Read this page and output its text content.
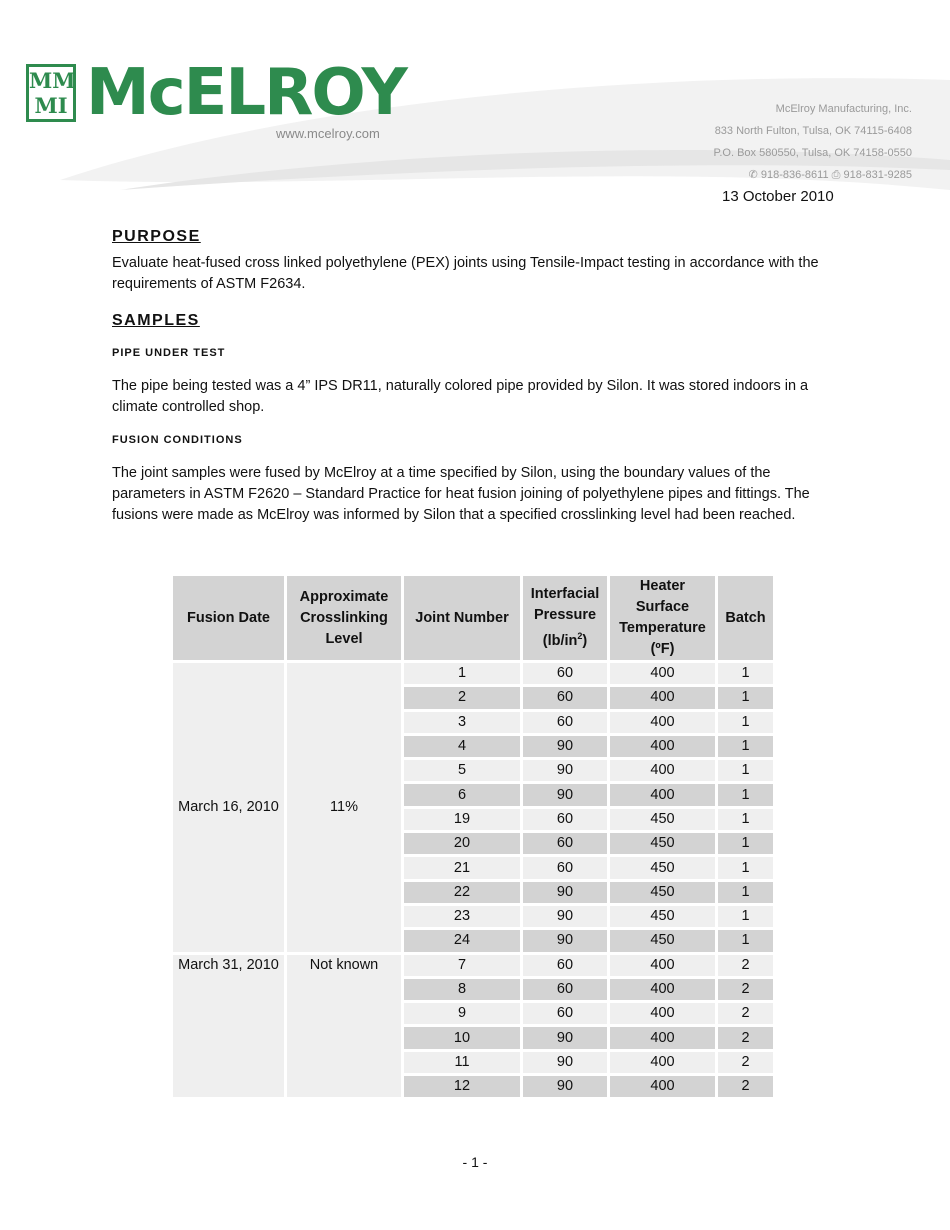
MM
MI McELROY
www.mcelroy.com
McElroy Manufacturing, Inc.
833 North Fulton, Tulsa, OK 74115-6408
P.O. Box 580550, Tulsa, OK 74158-0550
✆ 918-836-8611 ⎙ 918-831-9285
13 October 2010

PURPOSE

Evaluate heat-fused cross linked polyethylene (PEX) joints using Tensile-Impact testing in accordance with the requirements of ASTM F2634.

SAMPLES

PIPE UNDER TEST

The pipe being tested was a 4” IPS DR11, naturally colored pipe provided by Silon. It was stored indoors in a climate controlled shop.

FUSION CONDITIONS

The joint samples were fused by McElroy at a time specified by Silon, using the boundary values of the parameters in ASTM F2620 – Standard Practice for heat fusion joining of polyethylene pipes and fittings. The fusions were made as McElroy was informed by Silon that a specified crosslinking level had been reached.

Fusion Date	Approximate Crosslinking Level	Joint Number	Interfacial Pressure $(lb/in^2)$	Heater Surface Temperature (ºF)	Batch
March 16, 2010	11%	1	60	400	1
		2	60	400	1
		3	60	400	1
		4	90	400	1
		5	90	400	1
		6	90	400	1
		19	60	450	1
		20	60	450	1
		21	60	450	1
		22	90	450	1
		23	90	450	1
		24	90	450	1
March 31, 2010	Not known	7	60	400	2
		8	60	400	2
		9	60	400	2
		10	90	400	2
		11	90	400	2
		12	90	400	2
- 1 -
